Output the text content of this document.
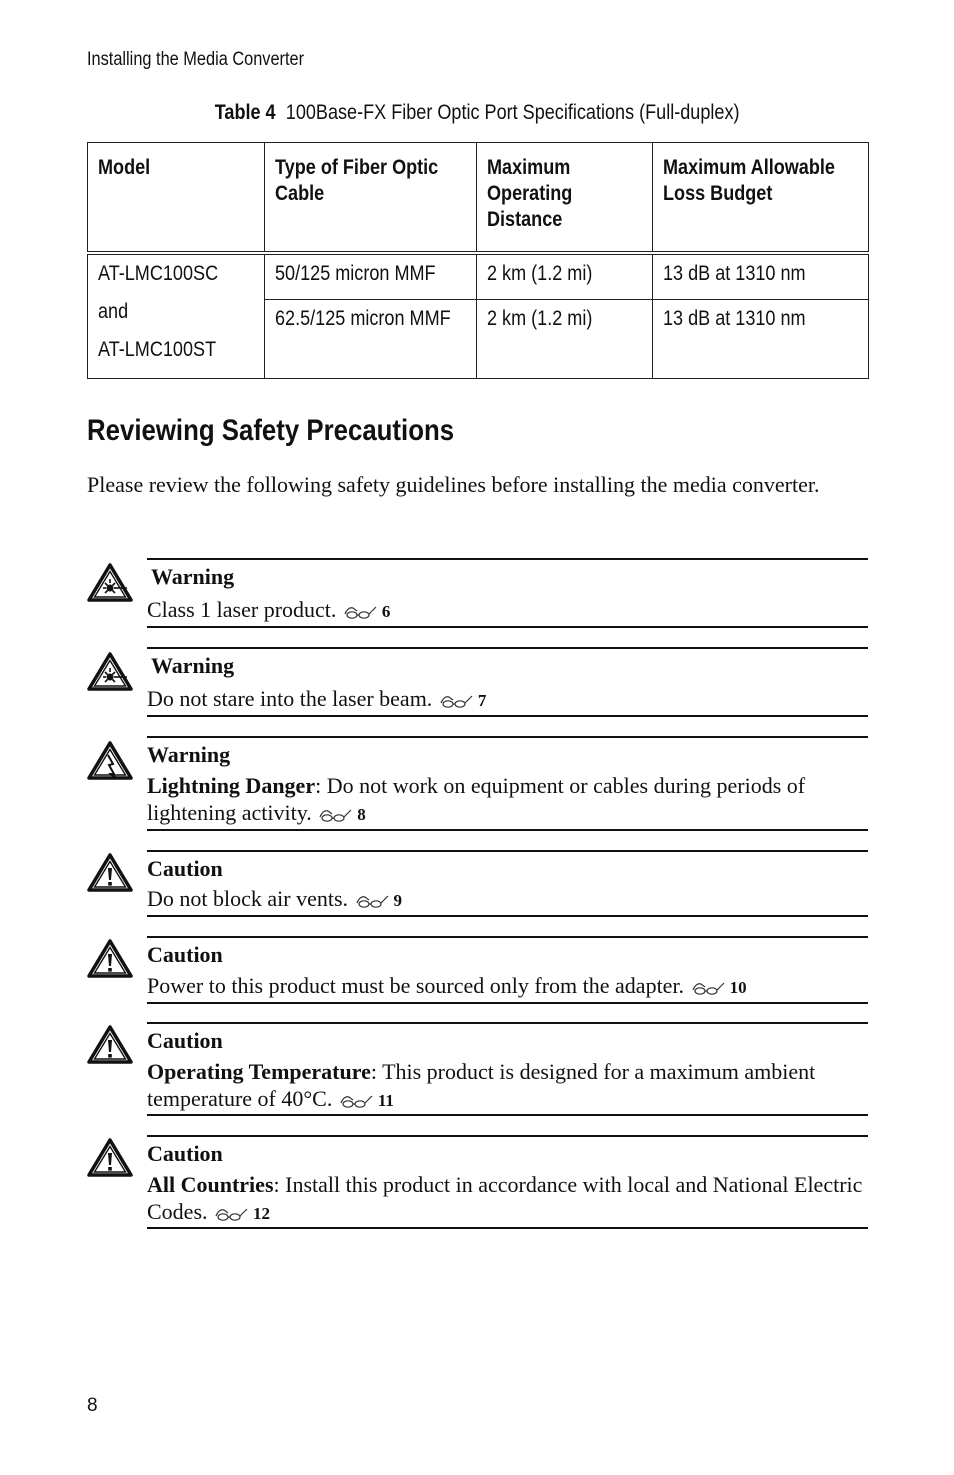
Installing the Media Converter
Table 4 100Base-FX Fiber Optic Port Specifications (Full-duplex)
Model	Type of Fiber Optic Cable	Maximum Operating Distance	Maximum Allowable Loss Budget

AT-LMC100SC
and
AT-LMC100ST	50/125 micron MMF	2 km (1.2 mi)	13 dB at 1310 nm
	62.5/125 micron MMF	2 km (1.2 mi)	13 dB at 1310 nm
Reviewing Safety Precautions

Please review the following safety guidelines before installing the media converter.

Warning
Class 1 laser product.	6
Warning
Do not stare into the laser beam.	7
Warning
Lightning Danger: Do not work on equipment or cables during periods of lightening activity.	8
Caution
Do not block air vents.	9
Caution
Power to this product must be sourced only from the adapter.	10
Caution
Operating Temperature: This product is designed for a maximum ambient temperature of 40°C.	11
Caution
All Countries: Install this product in accordance with local and National Electric Codes.	12
8
